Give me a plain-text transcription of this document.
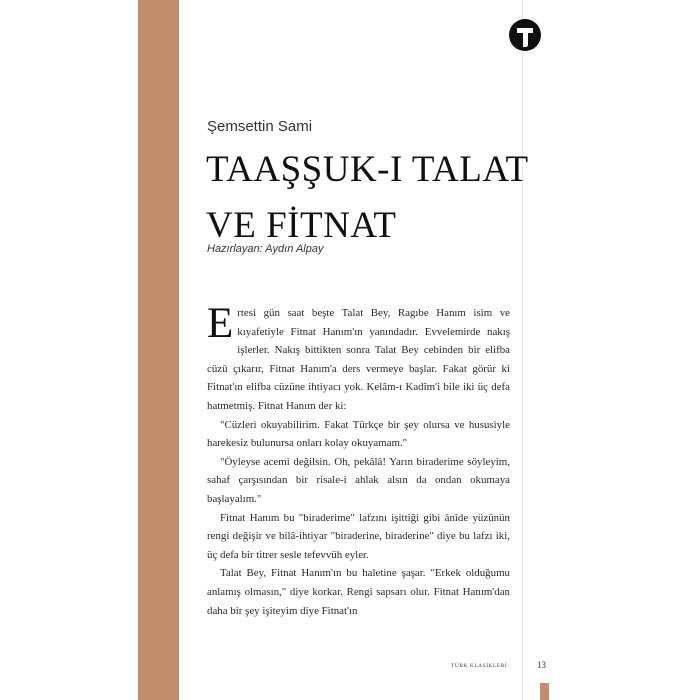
Şemsettin Sami
TAAŞŞUK-I TALAT
VE FİTNAT
Hazırlayan: Aydın Alpay

Ertesi gün saat beşte Talat Bey, Ragıbe Hanım isim ve kıyafetiyle Fitnat Hanım'ın yanındadır. Evvelemirde nakış işlerler. Nakış bittikten sonra Talat Bey cebinden bir elifba cüzü çıkarır, Fitnat Hanım'a ders vermeye başlar. Fakat görür ki Fitnat'ın elifba cüzüne ihtiyacı yok. Kelâm-ı Kadîm'i bile iki üç defa hatmetmiş. Fitnat Hanım der ki:

"Cüzleri okuyabilirim. Fakat Türkçe bir şey olursa ve hususiyle harekesiz bulunursa onları kolay okuyamam."

"Öyleyse acemi değilsin. Oh, pekâlâ! Yarın biraderime söyleyim, sahaf çarşısından bir risale-i ahlak alsın da ondan okumaya başlayalım."

Fitnat Hanım bu "biraderime" lafzını işittiği gibi ânîde yüzünün rengi değişir ve bilâ-ihtiyar "biraderine, biraderine" diye bu lafzı iki, üç defa bir titrer sesle tefevvüh eyler.

Talat Bey, Fitnat Hanım'ın bu haletine şaşar. "Erkek olduğumu anlamış olmasın," diye korkar. Rengi sapsarı olur. Fitnat Hanım'dan daha bir şey işiteyim diye Fitnat'ın

TÜRK KLASİKLERİ	13
